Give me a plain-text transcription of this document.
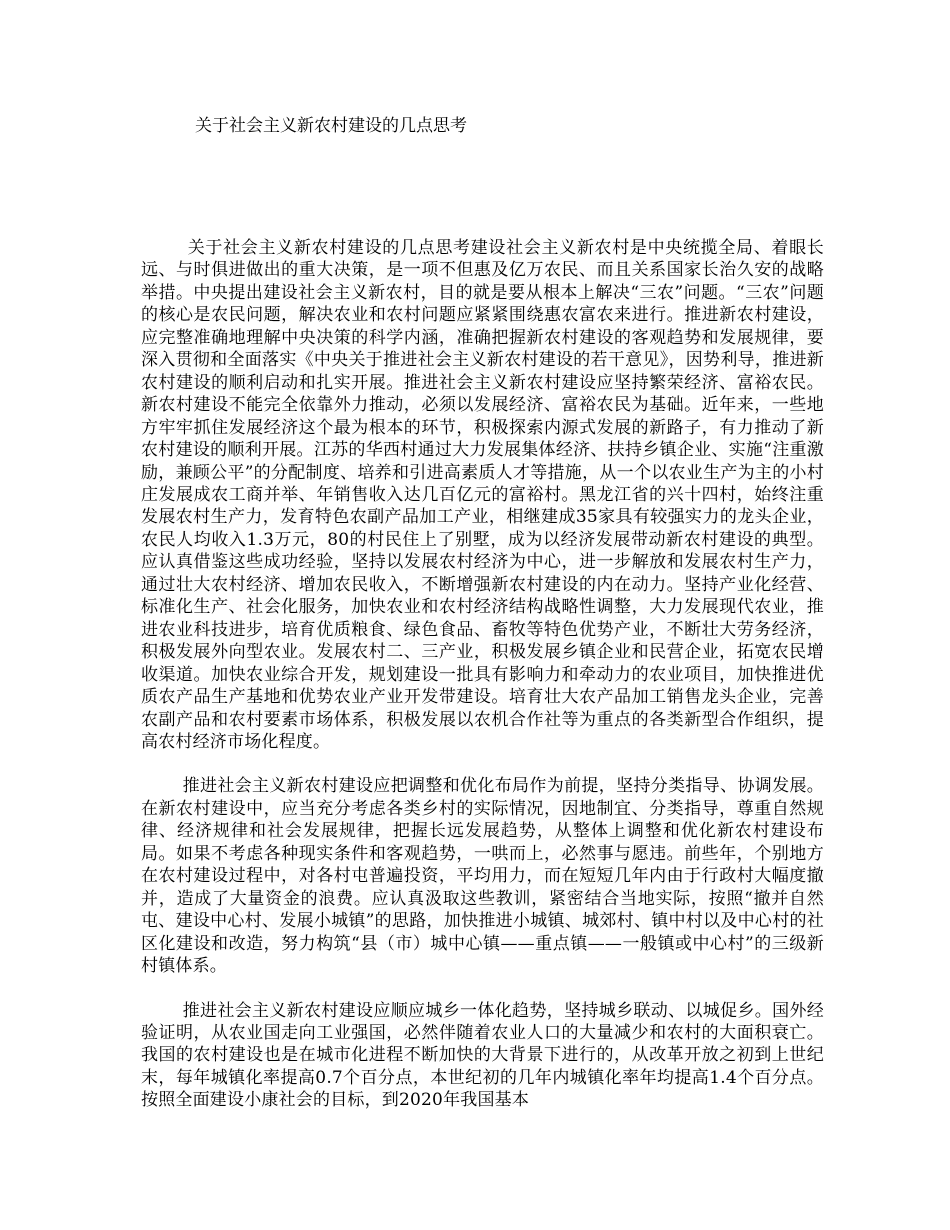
关于社会主义新农村建设的几点思考

关于社会主义新农村建设的几点思考建设社会主义新农村是中央统揽全局、着眼长远、与时俱进做出的重大决策，是一项不但惠及亿万农民、而且关系国家长治久安的战略举措。中央提出建设社会主义新农村，目的就是要从根本上解决“三农”问题。“三农”问题的核心是农民问题，解决农业和农村问题应紧紧围绕惠农富农来进行。推进新农村建设，应完整准确地理解中央决策的科学内涵，准确把握新农村建设的客观趋势和发展规律，要深入贯彻和全面落实《中央关于推进社会主义新农村建设的若干意见》，因势利导，推进新农村建设的顺利启动和扎实开展。推进社会主义新农村建设应坚持繁荣经济、富裕农民。新农村建设不能完全依靠外力推动，必须以发展经济、富裕农民为基础。近年来，一些地方牢牢抓住发展经济这个最为根本的环节，积极探索内源式发展的新路子，有力推动了新农村建设的顺利开展。江苏的华西村通过大力发展集体经济、扶持乡镇企业、实施“注重激励，兼顾公平”的分配制度、培养和引进高素质人才等措施，从一个以农业生产为主的小村庄发展成农工商并举、年销售收入达几百亿元的富裕村。黑龙江省的兴十四村，始终注重发展农村生产力，发育特色农副产品加工产业，相继建成35家具有较强实力的龙头企业，农民人均收入1.3万元，80的村民住上了别墅，成为以经济发展带动新农村建设的典型。应认真借鉴这些成功经验，坚持以发展农村经济为中心，进一步解放和发展农村生产力，通过壮大农村经济、增加农民收入，不断增强新农村建设的内在动力。坚持产业化经营、标准化生产、社会化服务，加快农业和农村经济结构战略性调整，大力发展现代农业，推进农业科技进步，培育优质粮食、绿色食品、畜牧等特色优势产业，不断壮大劳务经济，积极发展外向型农业。发展农村二、三产业，积极发展乡镇企业和民营企业，拓宽农民增收渠道。加快农业综合开发，规划建设一批具有影响力和牵动力的农业项目，加快推进优质农产品生产基地和优势农业产业开发带建设。培育壮大农产品加工销售龙头企业，完善农副产品和农村要素市场体系，积极发展以农机合作社等为重点的各类新型合作组织，提高农村经济市场化程度。

推进社会主义新农村建设应把调整和优化布局作为前提，坚持分类指导、协调发展。在新农村建设中，应当充分考虑各类乡村的实际情况，因地制宜、分类指导，尊重自然规律、经济规律和社会发展规律，把握长远发展趋势，从整体上调整和优化新农村建设布局。如果不考虑各种现实条件和客观趋势，一哄而上，必然事与愿违。前些年，个别地方在农村建设过程中，对各村屯普遍投资，平均用力，而在短短几年内由于行政村大幅度撤并，造成了大量资金的浪费。应认真汲取这些教训，紧密结合当地实际，按照“撤并自然屯、建设中心村、发展小城镇”的思路，加快推进小城镇、城郊村、镇中村以及中心村的社区化建设和改造，努力构筑“县（市）城中心镇——重点镇——一般镇或中心村”的三级新村镇体系。

推进社会主义新农村建设应顺应城乡一体化趋势，坚持城乡联动、以城促乡。国外经验证明，从农业国走向工业强国，必然伴随着农业人口的大量减少和农村的大面积衰亡。我国的农村建设也是在城市化进程不断加快的大背景下进行的，从改革开放之初到上世纪末，每年城镇化率提高0.7个百分点，本世纪初的几年内城镇化率年均提高1.4个百分点。按照全面建设小康社会的目标，到2020年我国基本
